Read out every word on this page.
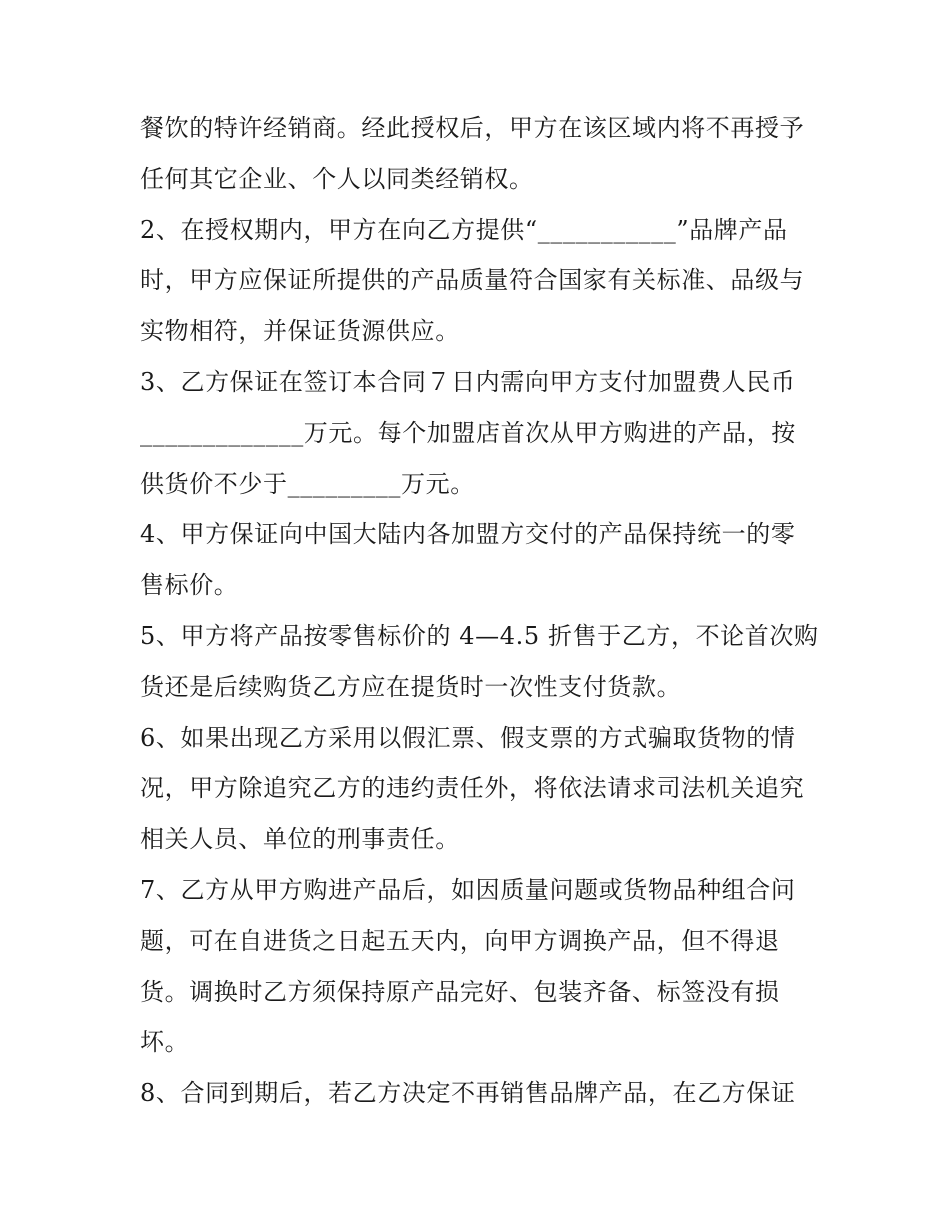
餐饮的特许经销商。经此授权后，甲方在该区域内将不再授予
任何其它企业、个人以同类经销权。
2、在授权期内，甲方在向乙方提供“___________”品牌产品
时，甲方应保证所提供的产品质量符合国家有关标准、品级与
实物相符，并保证货源供应。
3、乙方保证在签订本合同７日内需向甲方支付加盟费人民币
_____________万元。每个加盟店首次从甲方购进的产品，按
供货价不少于_________万元。
4、甲方保证向中国大陆内各加盟方交付的产品保持统一的零
售标价。
5、甲方将产品按零售标价的 4—4.5 折售于乙方，不论首次购
货还是后续购货乙方应在提货时一次性支付货款。
6、如果出现乙方采用以假汇票、假支票的方式骗取货物的情
况，甲方除追究乙方的违约责任外，将依法请求司法机关追究
相关人员、单位的刑事责任。
7、乙方从甲方购进产品后，如因质量问题或货物品种组合问
题，可在自进货之日起五天内，向甲方调换产品，但不得退
货。调换时乙方须保持原产品完好、包装齐备、标签没有损
坏。
8、合同到期后，若乙方决定不再销售品牌产品，在乙方保证
